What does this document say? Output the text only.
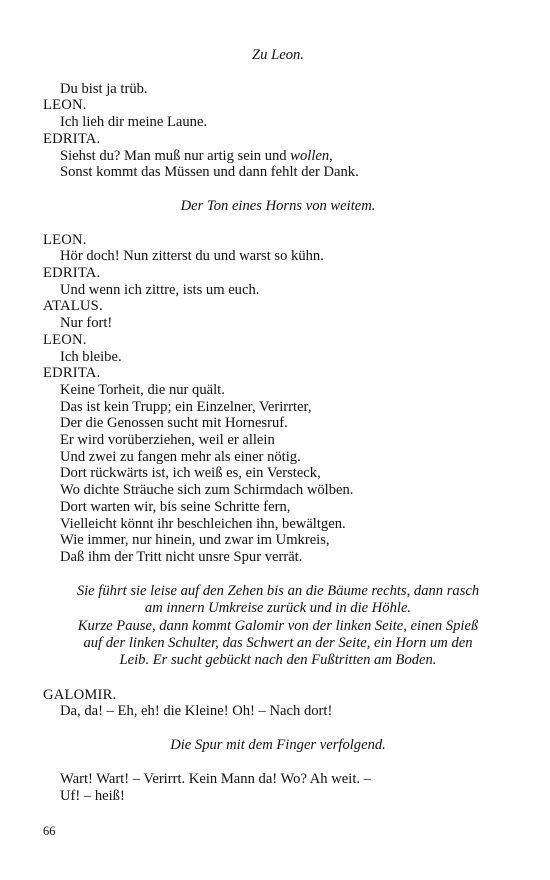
Zu Leon.
Du bist ja trüb.
LEON.
Ich lieh dir meine Laune.
EDRITA.
Siehst du? Man muß nur artig sein und wollen,
Sonst kommt das Müssen und dann fehlt der Dank.
Der Ton eines Horns von weitem.
LEON.
Hör doch! Nun zitterst du und warst so kühn.
EDRITA.
Und wenn ich zittre, ists um euch.
ATALUS.
Nur fort!
LEON.
Ich bleibe.
EDRITA.
Keine Torheit, die nur quält.
Das ist kein Trupp; ein Einzelner, Verirrter,
Der die Genossen sucht mit Hornesruf.
Er wird vorüberziehen, weil er allein
Und zwei zu fangen mehr als einer nötig.
Dort rückwärts ist, ich weiß es, ein Versteck,
Wo dichte Sträuche sich zum Schirmdach wölben.
Dort warten wir, bis seine Schritte fern,
Vielleicht könnt ihr beschleichen ihn, bewältgen.
Wie immer, nur hinein, und zwar im Umkreis,
Daß ihm der Tritt nicht unsre Spur verrät.
Sie führt sie leise auf den Zehen bis an die Bäume rechts, dann rasch
am innern Umkreise zurück und in die Höhle.
Kurze Pause, dann kommt Galomir von der linken Seite, einen Spieß
auf der linken Schulter, das Schwert an der Seite, ein Horn um den
Leib. Er sucht gebückt nach den Fußtritten am Boden.
GALOMIR.
Da, da! – Eh, eh! die Kleine! Oh! – Nach dort!
Die Spur mit dem Finger verfolgend.
Wart! Wart! – Verirrt. Kein Mann da! Wo? Ah weit. –
Uf! – heiß!
66
